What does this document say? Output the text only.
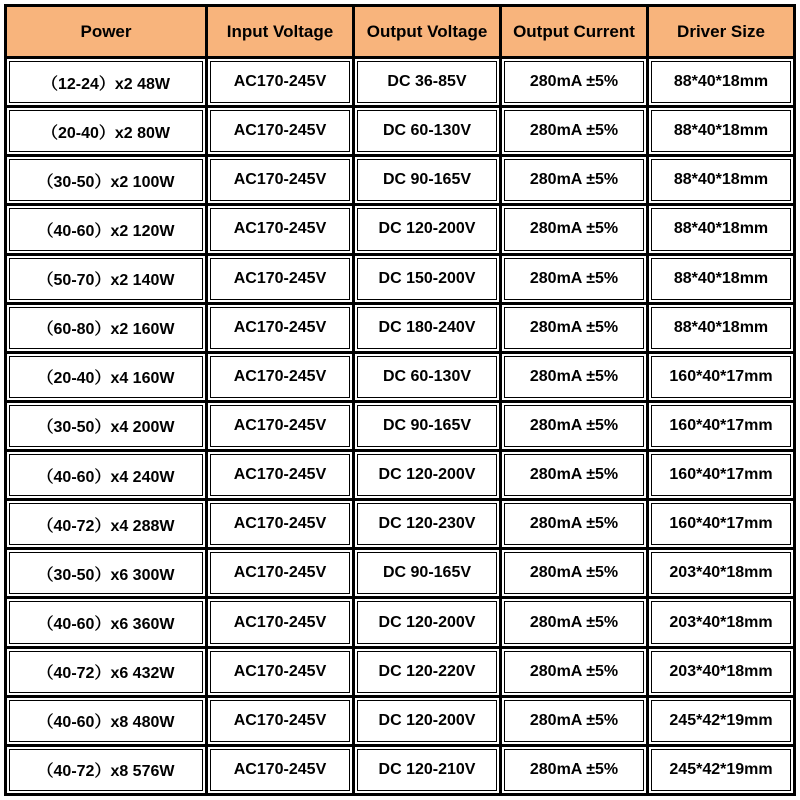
Power	Input Voltage	Output Voltage	Output Current	Driver Size
（12-24）x2 48W	AC170-245V	DC 36-85V	280mA ±5%	88*40*18mm
（20-40）x2 80W	AC170-245V	DC 60-130V	280mA ±5%	88*40*18mm
（30-50）x2 100W	AC170-245V	DC 90-165V	280mA ±5%	88*40*18mm
（40-60）x2 120W	AC170-245V	DC 120-200V	280mA ±5%	88*40*18mm
（50-70）x2 140W	AC170-245V	DC 150-200V	280mA ±5%	88*40*18mm
（60-80）x2 160W	AC170-245V	DC 180-240V	280mA ±5%	88*40*18mm
（20-40）x4 160W	AC170-245V	DC 60-130V	280mA ±5%	160*40*17mm
（30-50）x4 200W	AC170-245V	DC 90-165V	280mA ±5%	160*40*17mm
（40-60）x4 240W	AC170-245V	DC 120-200V	280mA ±5%	160*40*17mm
（40-72）x4 288W	AC170-245V	DC 120-230V	280mA ±5%	160*40*17mm
（30-50）x6 300W	AC170-245V	DC 90-165V	280mA ±5%	203*40*18mm
（40-60）x6 360W	AC170-245V	DC 120-200V	280mA ±5%	203*40*18mm
（40-72）x6 432W	AC170-245V	DC 120-220V	280mA ±5%	203*40*18mm
（40-60）x8 480W	AC170-245V	DC 120-200V	280mA ±5%	245*42*19mm
（40-72）x8 576W	AC170-245V	DC 120-210V	280mA ±5%	245*42*19mm
